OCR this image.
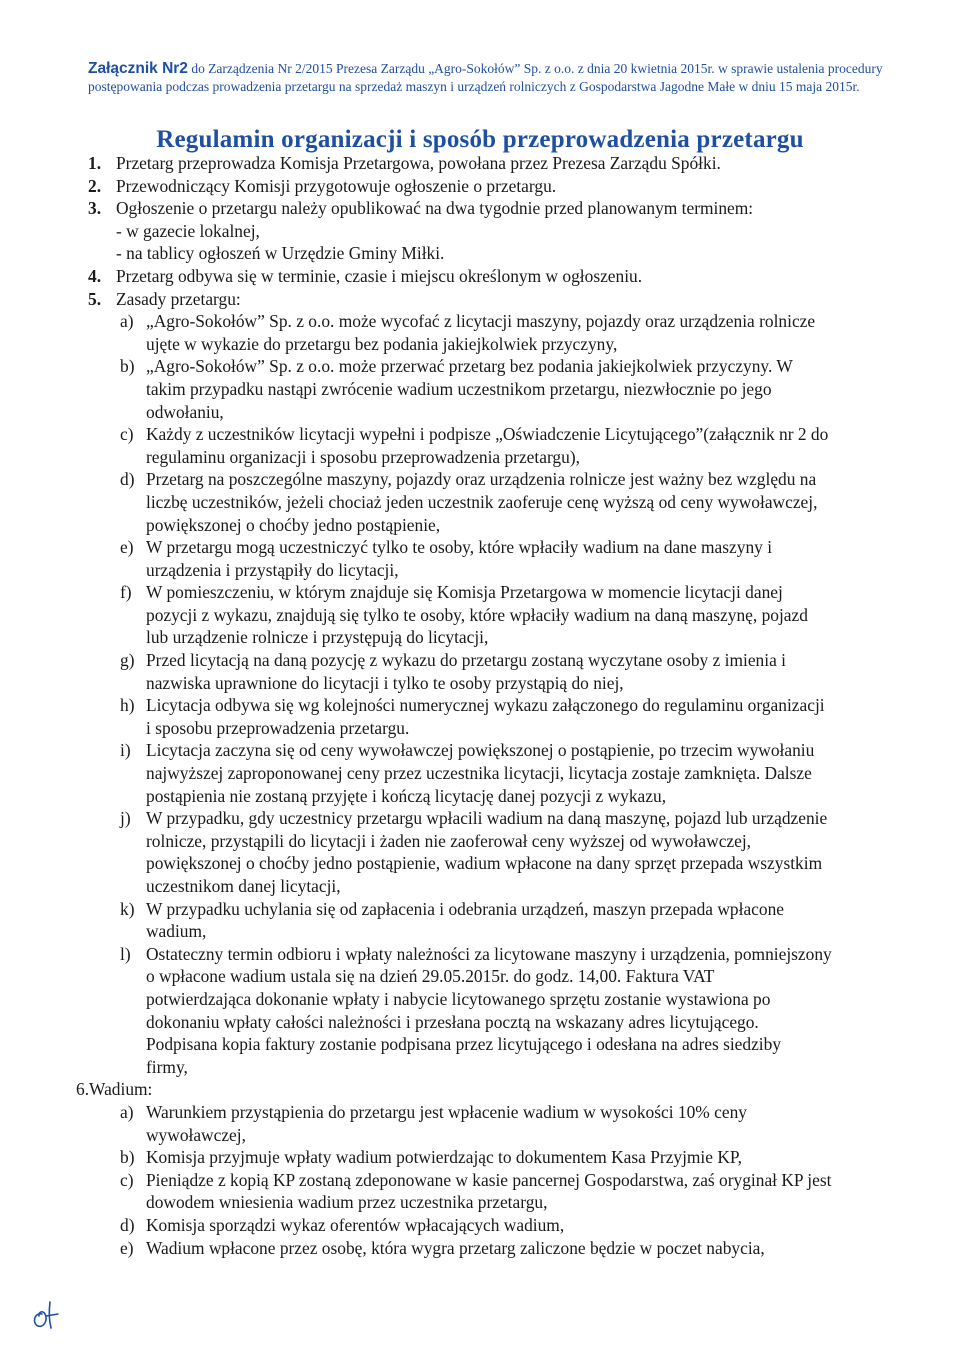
Załącznik Nr2 do Zarządzenia Nr 2/2015 Prezesa Zarządu „Agro-Sokołów” Sp. z o.o. z dnia 20 kwietnia 2015r. w sprawie ustalenia procedury
postępowania podczas prowadzenia przetargu na sprzedaż maszyn i urządzeń rolniczych z Gospodarstwa Jagodne Małe w dniu 15 maja 2015r.
Regulamin organizacji i sposób przeprowadzenia przetargu
1. Przetarg przeprowadza Komisja Przetargowa, powołana przez Prezesa Zarządu Spółki.
2. Przewodniczący Komisji przygotowuje ogłoszenie o przetargu.
3. Ogłoszenie o przetargu należy opublikować na dwa tygodnie przed planowanym terminem:
- w gazecie lokalnej,
- na tablicy ogłoszeń w Urzędzie Gminy Miłki.
4. Przetarg odbywa się w terminie, czasie i miejscu określonym w ogłoszeniu.
5. Zasady przetargu:
a) „Agro-Sokołów” Sp. z o.o. może wycofać z licytacji maszyny, pojazdy oraz urządzenia rolnicze
ujęte w wykazie do przetargu bez podania jakiejkolwiek przyczyny,
b) „Agro-Sokołów” Sp. z o.o. może przerwać przetarg bez podania jakiejkolwiek przyczyny. W
takim przypadku nastąpi zwrócenie wadium uczestnikom przetargu, niezwłocznie po jego
odwołaniu,
c) Każdy z uczestników licytacji wypełni i podpisze „Oświadczenie Licytującego”(załącznik nr 2 do
regulaminu organizacji i sposobu przeprowadzenia przetargu),
d) Przetarg na poszczególne maszyny, pojazdy oraz urządzenia rolnicze jest ważny bez względu na
liczbę uczestników, jeżeli chociaż jeden uczestnik zaoferuje cenę wyższą od ceny wywoławczej,
powiększonej o choćby jedno postąpienie,
e) W przetargu mogą uczestniczyć tylko te osoby, które wpłaciły wadium na dane maszyny i
urządzenia i przystąpiły do licytacji,
f) W pomieszczeniu, w którym znajduje się Komisja Przetargowa w momencie licytacji danej
pozycji z wykazu, znajdują się tylko te osoby, które wpłaciły wadium na daną maszynę, pojazd
lub urządzenie rolnicze i przystępują do licytacji,
g) Przed licytacją na daną pozycję z wykazu do przetargu zostaną wyczytane osoby z imienia i
nazwiska uprawnione do licytacji i tylko te osoby przystąpią do niej,
h) Licytacja odbywa się wg kolejności numerycznej wykazu załączonego do regulaminu organizacji
i sposobu przeprowadzenia przetargu.
i) Licytacja zaczyna się od ceny wywoławczej powiększonej o postąpienie, po trzecim wywołaniu
najwyższej zaproponowanej ceny przez uczestnika licytacji, licytacja zostaje zamknięta. Dalsze
postąpienia nie zostaną przyjęte i kończą licytację danej pozycji z wykazu,
j) W przypadku, gdy uczestnicy przetargu wpłacili wadium na daną maszynę, pojazd lub urządzenie
rolnicze, przystąpili do licytacji i żaden nie zaoferował ceny wyższej od wywoławczej,
powiększonej o choćby jedno postąpienie, wadium wpłacone na dany sprzęt przepada wszystkim
uczestnikom danej licytacji,
k) W przypadku uchylania się od zapłacenia i odebrania urządzeń, maszyn przepada wpłacone
wadium,
l) Ostateczny termin odbioru i wpłaty należności za licytowane maszyny i urządzenia, pomniejszony
o wpłacone wadium ustala się na dzień 29.05.2015r. do godz. 14,00. Faktura VAT
potwierdzająca dokonanie wpłaty i nabycie licytowanego sprzętu zostanie wystawiona po
dokonaniu wpłaty całości należności i przesłana pocztą na wskazany adres licytującego.
Podpisana kopia faktury zostanie podpisana przez licytującego i odesłana na adres siedziby
firmy,
6.Wadium:
a) Warunkiem przystąpienia do przetargu jest wpłacenie wadium w wysokości 10% ceny
wywoławczej,
b) Komisja przyjmuje wpłaty wadium potwierdzając to dokumentem Kasa Przyjmie KP,
c) Pieniądze z kopią KP zostaną zdeponowane w kasie pancernej Gospodarstwa, zaś oryginał KP jest
dowodem wniesienia wadium przez uczestnika przetargu,
d) Komisja sporządzi wykaz oferentów wpłacających wadium,
e) Wadium wpłacone przez osobę, która wygra przetarg zaliczone będzie w poczet nabycia,
